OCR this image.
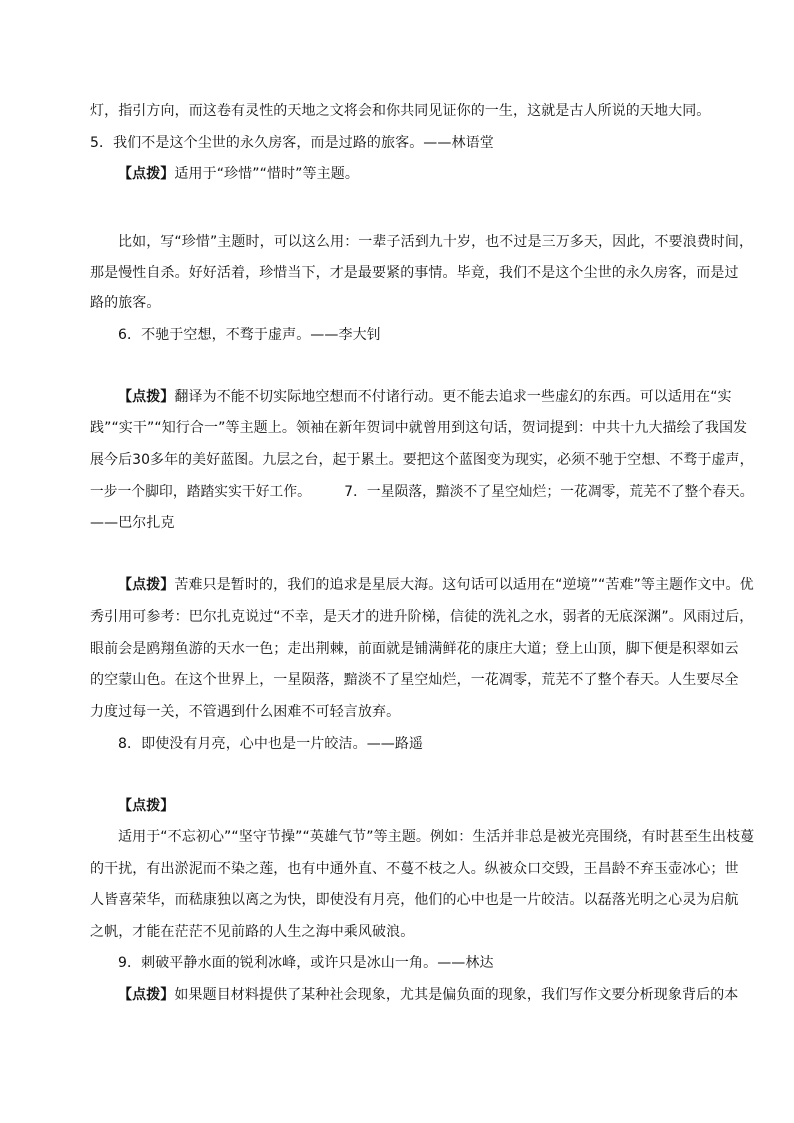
灯，指引方向，而这卷有灵性的天地之文将会和你共同见证你的一生，这就是古人所说的天地大同。
5．我们不是这个尘世的永久房客，而是过路的旅客。——林语堂
【点拨】适用于“珍惜”“惜时”等主题。
比如，写“珍惜”主题时，可以这么用：一辈子活到九十岁，也不过是三万多天，因此，不要浪费时间，
那是慢性自杀。好好活着，珍惜当下，才是最要紧的事情。毕竟，我们不是这个尘世的永久房客，而是过
路的旅客。
6．不驰于空想，不骛于虚声。——李大钊
【点拨】翻译为不能不切实际地空想而不付诸行动。更不能去追求一些虚幻的东西。可以适用在“实
践”“实干”“知行合一”等主题上。领袖在新年贺词中就曾用到这句话，贺词提到：中共十九大描绘了我国发
展今后30多年的美好蓝图。九层之台，起于累土。要把这个蓝图变为现实，必须不驰于空想、不骛于虚声，
一步一个脚印，踏踏实实干好工作。 7．一星陨落，黯淡不了星空灿烂；一花凋零，荒芜不了整个春天。
——巴尔扎克
【点拨】苦难只是暂时的，我们的追求是星辰大海。这句话可以适用在“逆境”“苦难”等主题作文中。优
秀引用可参考：巴尔扎克说过“不幸，是天才的进升阶梯，信徒的洗礼之水，弱者的无底深渊”。风雨过后，
眼前会是鸥翔鱼游的天水一色；走出荆棘，前面就是铺满鲜花的康庄大道；登上山顶，脚下便是积翠如云
的空蒙山色。在这个世界上，一星陨落，黯淡不了星空灿烂，一花凋零，荒芜不了整个春天。人生要尽全
力度过每一关，不管遇到什么困难不可轻言放弃。
8．即使没有月亮，心中也是一片皎洁。——路遥
【点拨】
适用于“不忘初心”“坚守节操”“英雄气节”等主题。例如：生活并非总是被光亮围绕，有时甚至生出枝蔓
的干扰，有出淤泥而不染之莲，也有中通外直、不蔓不枝之人。纵被众口交毁，王昌龄不弃玉壶冰心；世
人皆喜荣华，而嵇康独以离之为快，即使没有月亮，他们的心中也是一片皎洁。以磊落光明之心灵为启航
之帆，才能在茫茫不见前路的人生之海中乘风破浪。
9．刺破平静水面的锐利冰峰，或许只是冰山一角。——林达
【点拨】如果题目材料提供了某种社会现象，尤其是偏负面的现象，我们写作文要分析现象背后的本
